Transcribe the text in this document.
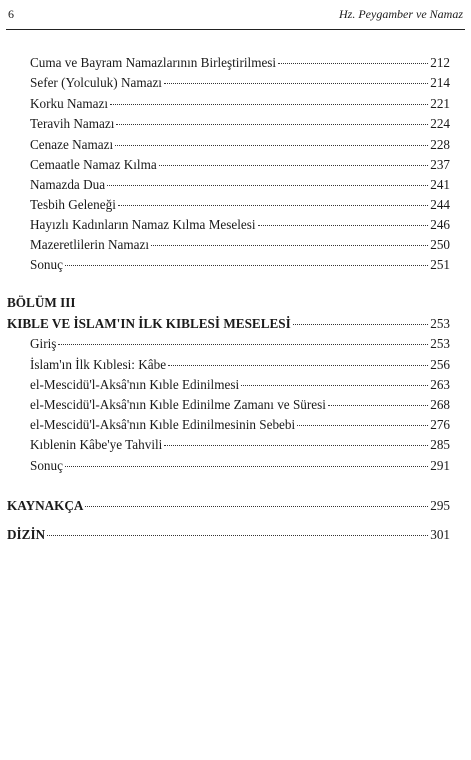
6	Hz. Peygamber ve Namaz
Cuma ve Bayram Namazlarının Birleştirilmesi	212
Sefer (Yolculuk) Namazı	214
Korku Namazı	221
Teravih Namazı	224
Cenaze Namazı	228
Cemaatle Namaz Kılma	237
Namazda Dua	241
Tesbih Geleneği	244
Hayızlı Kadınların Namaz Kılma Meselesi	246
Mazeretlilerin Namazı	250
Sonuç	251
BÖLÜM III
KIBLE VE İSLAM'IN İLK KIBLESİ MESELESİ	253
Giriş	253
İslam'ın İlk Kıblesi: Kâbe	256
el-Mescidü'l-Aksâ'nın Kıble Edinilmesi	263
el-Mescidü'l-Aksâ'nın Kıble Edinilme Zamanı ve Süresi	268
el-Mescidü'l-Aksâ'nın Kıble Edinilmesinin Sebebi	276
Kıblenin Kâbe'ye Tahvili	285
Sonuç	291
KAYNAKÇA	295
DİZİN	301
